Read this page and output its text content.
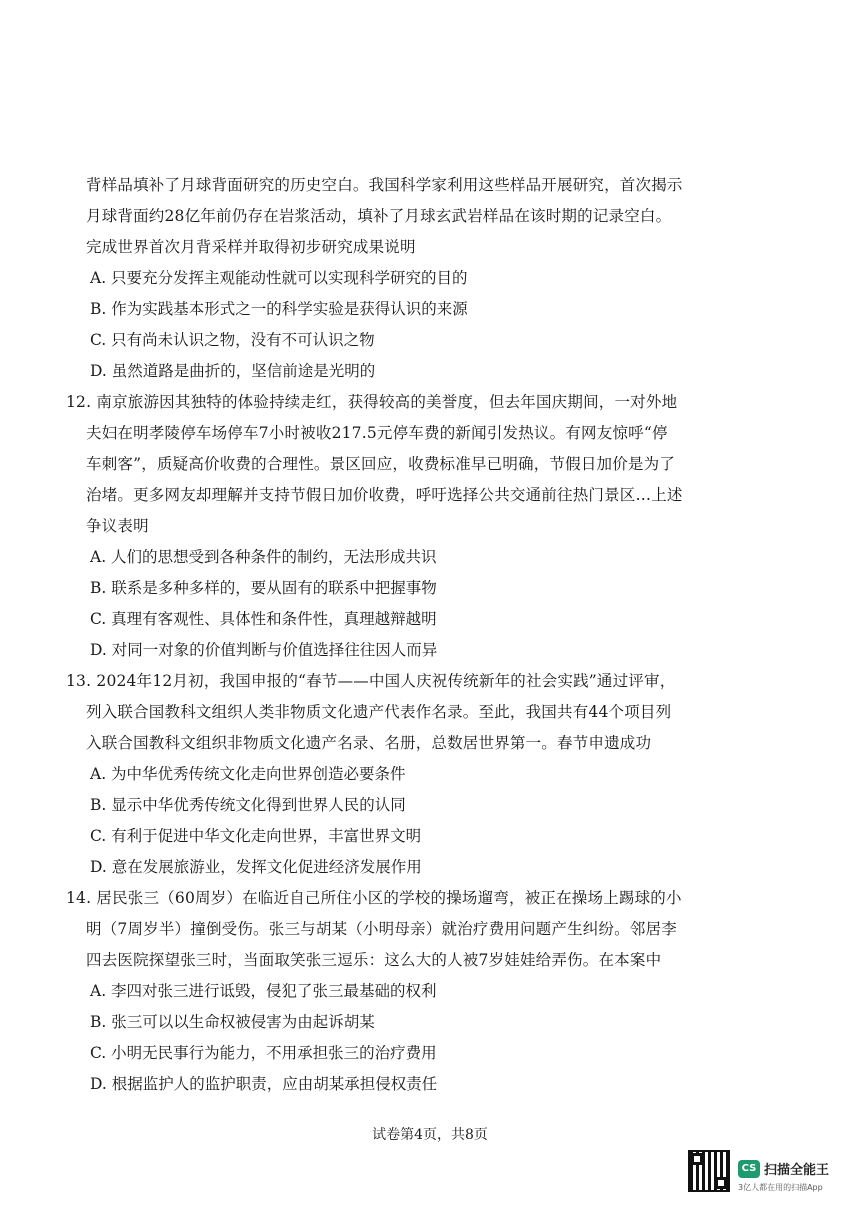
背样品填补了月球背面研究的历史空白。我国科学家利用这些样品开展研究，首次揭示
月球背面约28亿年前仍存在岩浆活动，填补了月球玄武岩样品在该时期的记录空白。
完成世界首次月背采样并取得初步研究成果说明
A. 只要充分发挥主观能动性就可以实现科学研究的目的
B. 作为实践基本形式之一的科学实验是获得认识的来源
C. 只有尚未认识之物，没有不可认识之物
D. 虽然道路是曲折的，坚信前途是光明的
12. 南京旅游因其独特的体验持续走红，获得较高的美誉度，但去年国庆期间，一对外地
夫妇在明孝陵停车场停车7小时被收217.5元停车费的新闻引发热议。有网友惊呼“停
车刺客”，质疑高价收费的合理性。景区回应，收费标准早已明确，节假日加价是为了
治堵。更多网友却理解并支持节假日加价收费，呼吁选择公共交通前往热门景区…上述
争议表明
A. 人们的思想受到各种条件的制约，无法形成共识
B. 联系是多种多样的，要从固有的联系中把握事物
C. 真理有客观性、具体性和条件性，真理越辩越明
D. 对同一对象的价值判断与价值选择往往因人而异
13. 2024年12月初，我国申报的“春节——中国人庆祝传统新年的社会实践”通过评审，
列入联合国教科文组织人类非物质文化遗产代表作名录。至此，我国共有44个项目列
入联合国教科文组织非物质文化遗产名录、名册，总数居世界第一。春节申遗成功
A. 为中华优秀传统文化走向世界创造必要条件
B. 显示中华优秀传统文化得到世界人民的认同
C. 有利于促进中华文化走向世界，丰富世界文明
D. 意在发展旅游业，发挥文化促进经济发展作用
14. 居民张三（60周岁）在临近自己所住小区的学校的操场遛弯，被正在操场上踢球的小
明（7周岁半）撞倒受伤。张三与胡某（小明母亲）就治疗费用问题产生纠纷。邻居李
四去医院探望张三时，当面取笑张三逗乐：这么大的人被7岁娃娃给弄伤。在本案中
A. 李四对张三进行诋毁，侵犯了张三最基础的权利
B. 张三可以以生命权被侵害为由起诉胡某
C. 小明无民事行为能力，不用承担张三的治疗费用
D. 根据监护人的监护职责，应由胡某承担侵权责任
试卷第4页，共8页
CS 扫描全能王
3亿人都在用的扫描App
